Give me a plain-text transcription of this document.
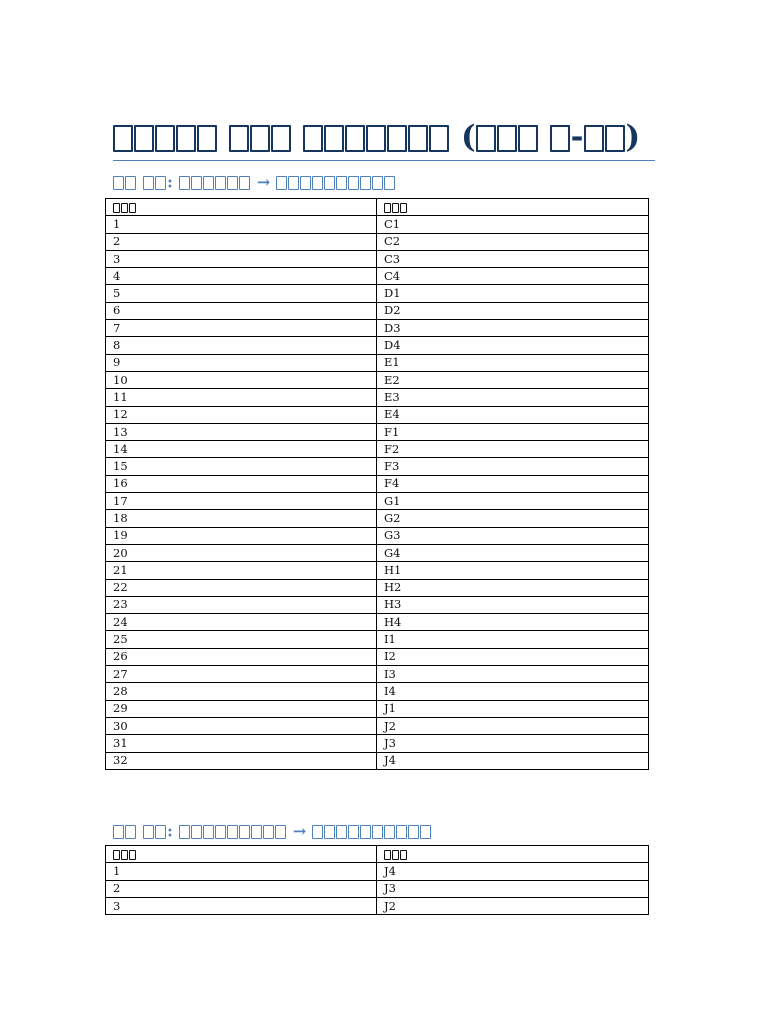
(	- )
:	→

1	C1
2	C2
3	C3
4	C4
5	D1
6	D2
7	D3
8	D4
9	E1
10	E2
11	E3
12	E4
13	F1
14	F2
15	F3
16	F4
17	G1
18	G2
19	G3
20	G4
21	H1
22	H2
23	H3
24	H4
25	I1
26	I2
27	I3
28	I4
29	J1
30	J2
31	J3
32	J4
:	→

1	J4
2	J3
3	J2
